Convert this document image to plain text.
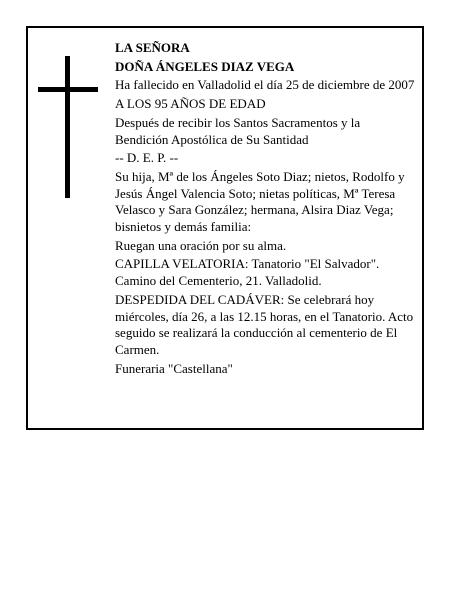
LA SEÑORA

DOÑA ÁNGELES DIAZ VEGA

Ha fallecido en Valladolid el día 25 de diciembre de 2007

A LOS 95 AÑOS DE EDAD

Después de recibir los Santos Sacramentos y la Bendición Apostólica de Su Santidad

-- D. E. P. --

Su hija, Mª de los Ángeles Soto Diaz; nietos, Rodolfo y Jesús Ángel Valencia Soto; nietas políticas, Mª Teresa Velasco y Sara González; hermana, Alsira Diaz Vega; bisnietos y demás familia:

Ruegan una oración por su alma.

CAPILLA VELATORIA: Tanatorio "El Salvador". Camino del Cementerio, 21. Valladolid.

DESPEDIDA DEL CADÁVER: Se celebrará hoy miércoles, día 26, a las 12.15 horas, en el Tanatorio. Acto seguido se realizará la conducción al cementerio de El Carmen.

Funeraria "Castellana"
